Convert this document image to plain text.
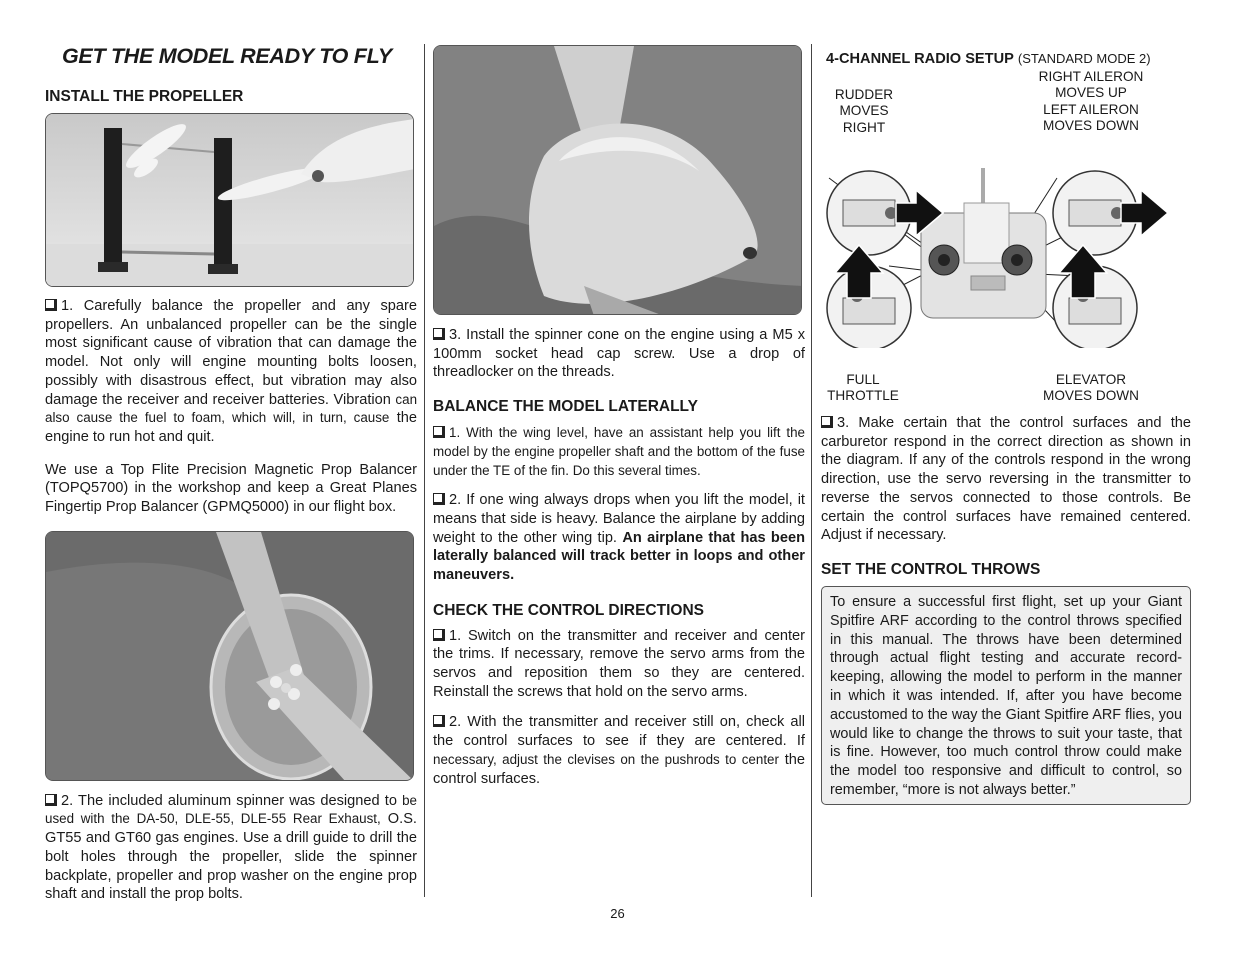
GET THE MODEL READY TO FLY
INSTALL THE PROPELLER

1. Carefully balance the propeller and any spare propellers. An unbalanced propeller can be the single most significant cause of vibration that can damage the model. Not only will engine mounting bolts loosen, possibly with disastrous effect, but vibration may also damage the receiver and receiver batteries. Vibration can also cause the fuel to foam, which will, in turn, cause the engine to run hot and quit.

We use a Top Flite Precision Magnetic Prop Balancer (TOPQ5700) in the workshop and keep a Great Planes Fingertip Prop Balancer (GPMQ5000) in our flight box.

2. The included aluminum spinner was designed to be used with the DA-50, DLE-55, DLE-55 Rear Exhaust, O.S. GT55 and GT60 gas engines. Use a drill guide to drill the bolt holes through the propeller, slide the spinner backplate, propeller and prop washer on the engine prop shaft and install the prop bolts.

3. Install the spinner cone on the engine using a M5 x 100mm socket head cap screw. Use a drop of threadlocker on the threads.

BALANCE THE MODEL LATERALLY

1. With the wing level, have an assistant help you lift the model by the engine propeller shaft and the bottom of the fuse under the TE of the fin. Do this several times.

2. If one wing always drops when you lift the model, it means that side is heavy. Balance the airplane by adding weight to the other wing tip. An airplane that has been laterally balanced will track better in loops and other maneuvers.

CHECK THE CONTROL DIRECTIONS

1. Switch on the transmitter and receiver and center the trims. If necessary, remove the servo arms from the servos and reposition them so they are centered. Reinstall the screws that hold on the servo arms.

2. With the transmitter and receiver still on, check all the control surfaces to see if they are centered. If necessary, adjust the clevises on the pushrods to center the control surfaces.

4-CHANNEL RADIO SETUP (STANDARD MODE 2)
RUDDER
MOVES
RIGHT
RIGHT AILERON
MOVES UP
LEFT AILERON
MOVES DOWN
FULL
THROTTLE
ELEVATOR
MOVES DOWN

3. Make certain that the control surfaces and the carburetor respond in the correct direction as shown in the diagram. If any of the controls respond in the wrong direction, use the servo reversing in the transmitter to reverse the servos connected to those controls. Be certain the control surfaces have remained centered. Adjust if necessary.

SET THE CONTROL THROWS

To ensure a successful first flight, set up your Giant Spitfire ARF according to the control throws specified in this manual. The throws have been determined through actual flight testing and accurate record-keeping, allowing the model to perform in the manner in which it was intended. If, after you have become accustomed to the way the Giant Spitfire ARF flies, you would like to change the throws to suit your taste, that is fine. However, too much control throw could make the model too responsive and difficult to control, so remember, “more is not always better.”

26
